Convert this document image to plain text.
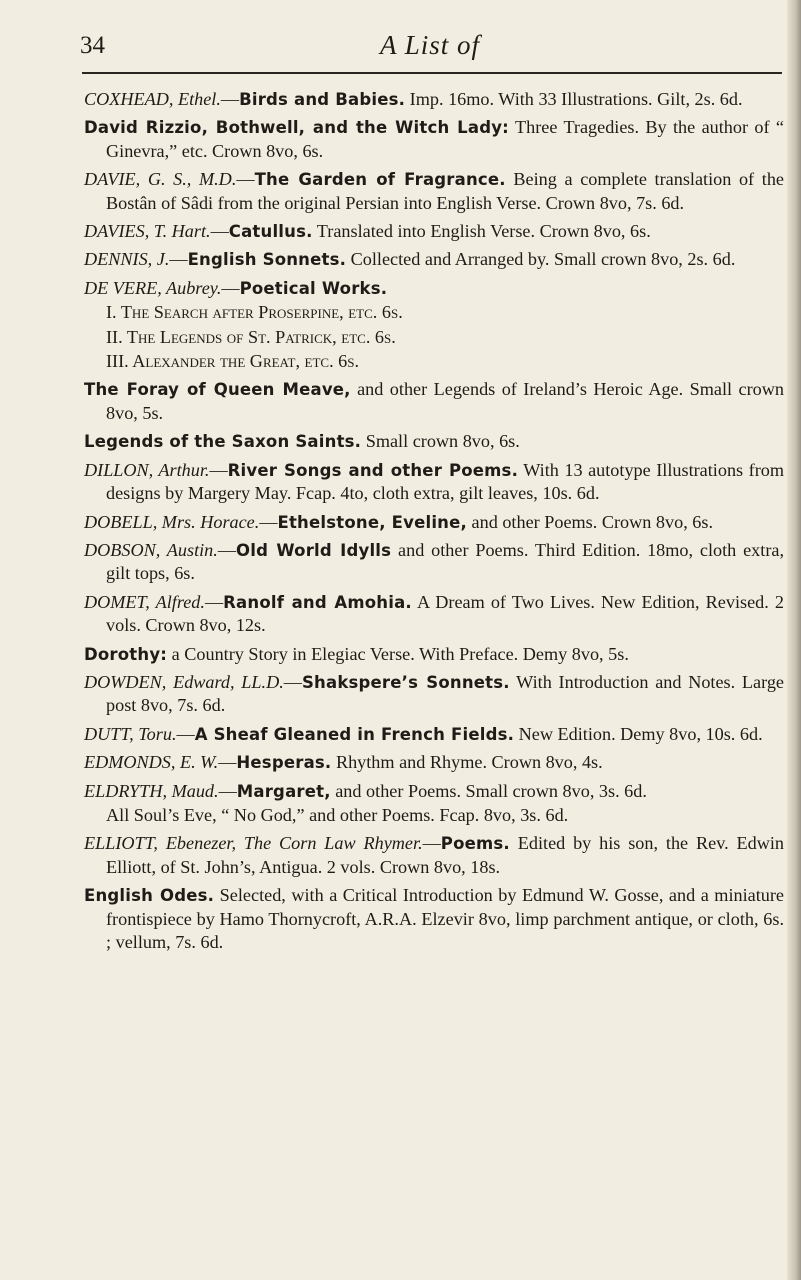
34	A List of

COXHEAD, Ethel.—Birds and Babies. Imp. 16mo. With 33 Illustrations. Gilt, 2s. 6d.

David Rizzio, Bothwell, and the Witch Lady: Three Tragedies. By the author of “ Ginevra,” etc. Crown 8vo, 6s.

DAVIE, G. S., M.D.—The Garden of Fragrance. Being a complete translation of the Bostân of Sâdi from the original Persian into English Verse. Crown 8vo, 7s. 6d.

DAVIES, T. Hart.—Catullus. Translated into English Verse. Crown 8vo, 6s.

DENNIS, J.—English Sonnets. Collected and Arranged by. Small crown 8vo, 2s. 6d.

DE VERE, Aubrey.—Poetical Works.

I. The Search after Proserpine, etc. 6s.

II. The Legends of St. Patrick, etc. 6s.

III. Alexander the Great, etc. 6s.

The Foray of Queen Meave, and other Legends of Ireland’s Heroic Age. Small crown 8vo, 5s.

Legends of the Saxon Saints. Small crown 8vo, 6s.

DILLON, Arthur.—River Songs and other Poems. With 13 autotype Illustrations from designs by Margery May. Fcap. 4to, cloth extra, gilt leaves, 10s. 6d.

DOBELL, Mrs. Horace.—Ethelstone, Eveline, and other Poems. Crown 8vo, 6s.

DOBSON, Austin.—Old World Idylls and other Poems. Third Edition. 18mo, cloth extra, gilt tops, 6s.

DOMET, Alfred.—Ranolf and Amohia. A Dream of Two Lives. New Edition, Revised. 2 vols. Crown 8vo, 12s.

Dorothy: a Country Story in Elegiac Verse. With Preface. Demy 8vo, 5s.

DOWDEN, Edward, LL.D.—Shakspere’s Sonnets. With Introduction and Notes. Large post 8vo, 7s. 6d.

DUTT, Toru.—A Sheaf Gleaned in French Fields. New Edition. Demy 8vo, 10s. 6d.

EDMONDS, E. W.—Hesperas. Rhythm and Rhyme. Crown 8vo, 4s.

ELDRYTH, Maud.—Margaret, and other Poems. Small crown 8vo, 3s. 6d.

All Soul’s Eve, “ No God,” and other Poems. Fcap. 8vo, 3s. 6d.

ELLIOTT, Ebenezer, The Corn Law Rhymer.—Poems. Edited by his son, the Rev. Edwin Elliott, of St. John’s, Antigua. 2 vols. Crown 8vo, 18s.

English Odes. Selected, with a Critical Introduction by Edmund W. Gosse, and a miniature frontispiece by Hamo Thornycroft, A.R.A. Elzevir 8vo, limp parchment antique, or cloth, 6s. ; vellum, 7s. 6d.
